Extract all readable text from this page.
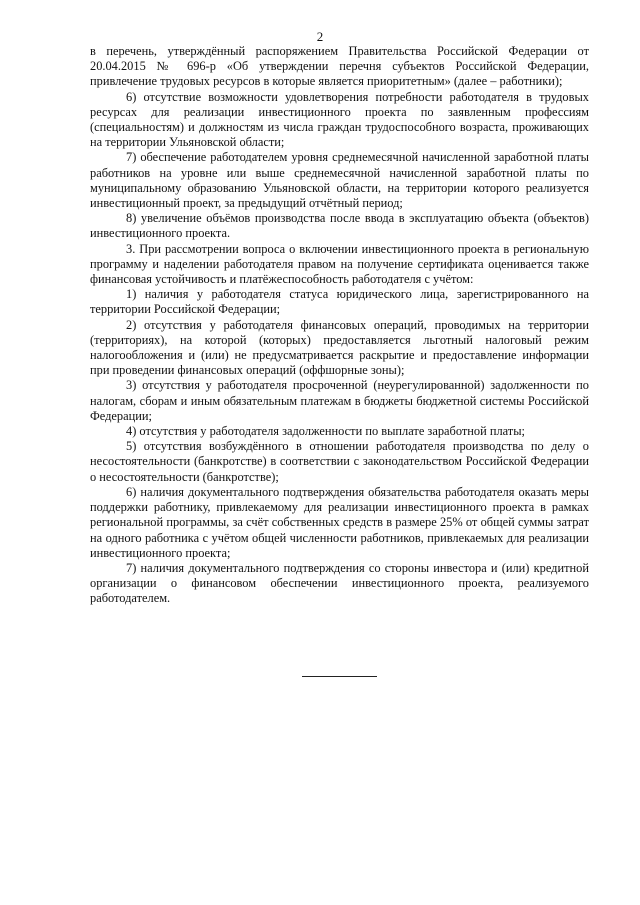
2

в перечень, утверждённый распоряжением Правительства Российской Федерации от 20.04.2015 № 696-р «Об утверждении перечня субъектов Российской Федерации, привлечение трудовых ресурсов в которые является приоритетным» (далее – работники);

6) отсутствие возможности удовлетворения потребности работодателя в трудовых ресурсах для реализации инвестиционного проекта по заявленным профессиям (специальностям) и должностям из числа граждан трудоспособного возраста, проживающих на территории Ульяновской области;

7) обеспечение работодателем уровня среднемесячной начисленной заработной платы работников на уровне или выше среднемесячной начисленной заработной платы по муниципальному образованию Ульяновской области, на территории которого реализуется инвестиционный проект, за предыдущий отчётный период;

8) увеличение объёмов производства после ввода в эксплуатацию объекта (объектов) инвестиционного проекта.

3. При рассмотрении вопроса о включении инвестиционного проекта в региональную программу и наделении работодателя правом на получение сертификата оценивается также финансовая устойчивость и платёжеспособность работодателя с учётом:

1) наличия у работодателя статуса юридического лица, зарегистрированного на территории Российской Федерации;

2) отсутствия у работодателя финансовых операций, проводимых на территории (территориях), на которой (которых) предоставляется льготный налоговый режим налогообложения и (или) не предусматривается раскрытие и предоставление информации при проведении финансовых операций (оффшорные зоны);

3) отсутствия у работодателя просроченной (неурегулированной) задолженности по налогам, сборам и иным обязательным платежам в бюджеты бюджетной системы Российской Федерации;

4) отсутствия у работодателя задолженности по выплате заработной платы;

5) отсутствия возбуждённого в отношении работодателя производства по делу о несостоятельности (банкротстве) в соответствии с законодательством Российской Федерации о несостоятельности (банкротстве);

6) наличия документального подтверждения обязательства работодателя оказать меры поддержки работнику, привлекаемому для реализации инвестиционного проекта в рамках региональной программы, за счёт собственных средств в размере 25% от общей суммы затрат на одного работника с учётом общей численности работников, привлекаемых для реализации инвестиционного проекта;

7) наличия документального подтверждения со стороны инвестора и (или) кредитной организации о финансовом обеспечении инвестиционного проекта, реализуемого работодателем.
